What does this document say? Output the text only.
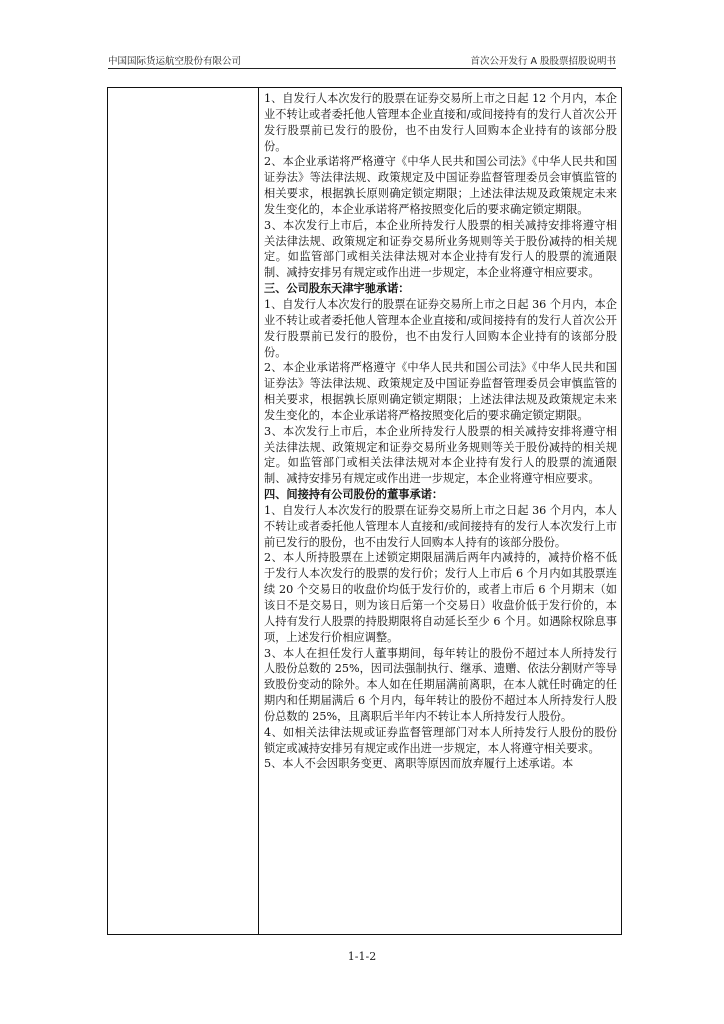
中国国际货运航空股份有限公司	首次公开发行 A 股股票招股说明书

1、自发行人本次发行的股票在证券交易所上市之日起 12 个月内，本企业不转让或者委托他人管理本企业直接和/或间接持有的发行人首次公开发行股票前已发行的股份，也不由发行人回购本企业持有的该部分股份。

2、本企业承诺将严格遵守《中华人民共和国公司法》《中华人民共和国证券法》等法律法规、政策规定及中国证券监督管理委员会审慎监管的相关要求，根据孰长原则确定锁定期限；上述法律法规及政策规定未来发生变化的，本企业承诺将严格按照变化后的要求确定锁定期限。

3、本次发行上市后，本企业所持发行人股票的相关减持安排将遵守相关法律法规、政策规定和证券交易所业务规则等关于股份减持的相关规定。如监管部门或相关法律法规对本企业持有发行人的股票的流通限制、减持安排另有规定或作出进一步规定，本企业将遵守相应要求。

三、公司股东天津宇驰承诺：

1、自发行人本次发行的股票在证券交易所上市之日起 36 个月内，本企业不转让或者委托他人管理本企业直接和/或间接持有的发行人首次公开发行股票前已发行的股份，也不由发行人回购本企业持有的该部分股份。

2、本企业承诺将严格遵守《中华人民共和国公司法》《中华人民共和国证券法》等法律法规、政策规定及中国证券监督管理委员会审慎监管的相关要求，根据孰长原则确定锁定期限；上述法律法规及政策规定未来发生变化的，本企业承诺将严格按照变化后的要求确定锁定期限。

3、本次发行上市后，本企业所持发行人股票的相关减持安排将遵守相关法律法规、政策规定和证券交易所业务规则等关于股份减持的相关规定。如监管部门或相关法律法规对本企业持有发行人的股票的流通限制、减持安排另有规定或作出进一步规定，本企业将遵守相应要求。

四、间接持有公司股份的董事承诺：

1、自发行人本次发行的股票在证券交易所上市之日起 36 个月内，本人不转让或者委托他人管理本人直接和/或间接持有的发行人本次发行上市前已发行的股份，也不由发行人回购本人持有的该部分股份。

2、本人所持股票在上述锁定期限届满后两年内减持的，减持价格不低于发行人本次发行的股票的发行价；发行人上市后 6 个月内如其股票连续 20 个交易日的收盘价均低于发行价的，或者上市后 6 个月期末（如该日不是交易日，则为该日后第一个交易日）收盘价低于发行价的，本人持有发行人股票的持股期限将自动延长至少 6 个月。如遇除权除息事项，上述发行价相应调整。

3、本人在担任发行人董事期间，每年转让的股份不超过本人所持发行人股份总数的 25%，因司法强制执行、继承、遗赠、依法分割财产等导致股份变动的除外。本人如在任期届满前离职，在本人就任时确定的任期内和任期届满后 6 个月内，每年转让的股份不超过本人所持发行人股份总数的 25%，且离职后半年内不转让本人所持发行人股份。

4、如相关法律法规或证券监督管理部门对本人所持发行人股份的股份锁定或减持安排另有规定或作出进一步规定，本人将遵守相关要求。

5、本人不会因职务变更、离职等原因而放弃履行上述承诺。本

1-1-2
